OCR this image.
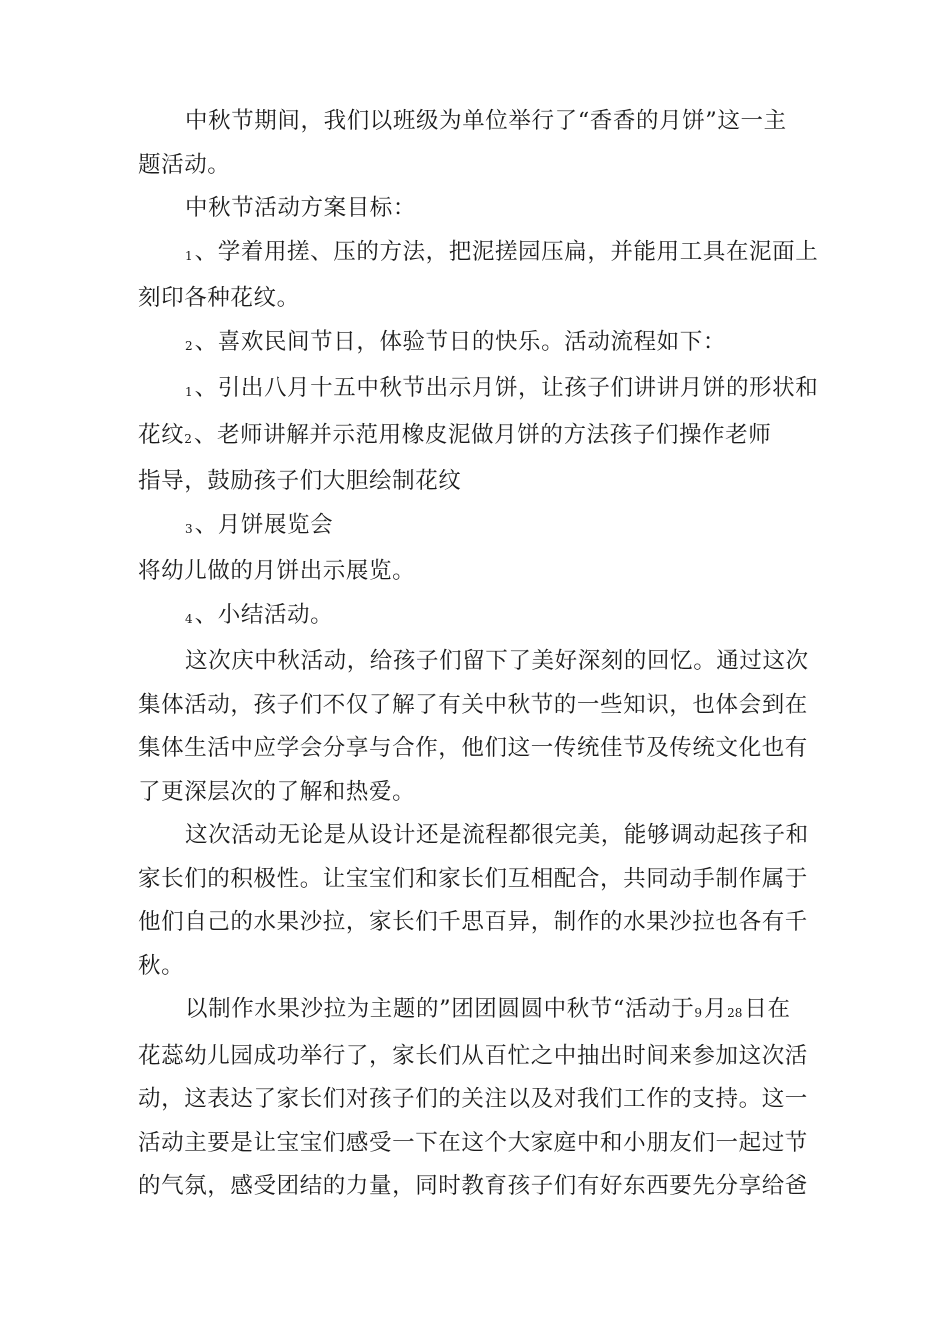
中秋节期间，我们以班级为单位举行了“香香的月饼”这一主
题活动。

中秋节活动方案目标：

1、学着用搓、压的方法，把泥搓园压扁，并能用工具在泥面上
刻印各种花纹。

2、喜欢民间节日，体验节日的快乐。活动流程如下：

1、引出八月十五中秋节出示月饼，让孩子们讲讲月饼的形状和
花纹2、老师讲解并示范用橡皮泥做月饼的方法孩子们操作老师
指导，鼓励孩子们大胆绘制花纹

3、月饼展览会

将幼儿做的月饼出示展览。

4、小结活动。

这次庆中秋活动，给孩子们留下了美好深刻的回忆。通过这次
集体活动，孩子们不仅了解了有关中秋节的一些知识，也体会到在
集体生活中应学会分享与合作，他们这一传统佳节及传统文化也有
了更深层次的了解和热爱。

这次活动无论是从设计还是流程都很完美，能够调动起孩子和
家长们的积极性。让宝宝们和家长们互相配合，共同动手制作属于
他们自己的水果沙拉，家长们千思百异，制作的水果沙拉也各有千
秋。

以制作水果沙拉为主题的”团团圆圆中秋节“活动于9月28日在
花蕊幼儿园成功举行了，家长们从百忙之中抽出时间来参加这次活
动，这表达了家长们对孩子们的关注以及对我们工作的支持。这一
活动主要是让宝宝们感受一下在这个大家庭中和小朋友们一起过节
的气氛，感受团结的力量，同时教育孩子们有好东西要先分享给爸
